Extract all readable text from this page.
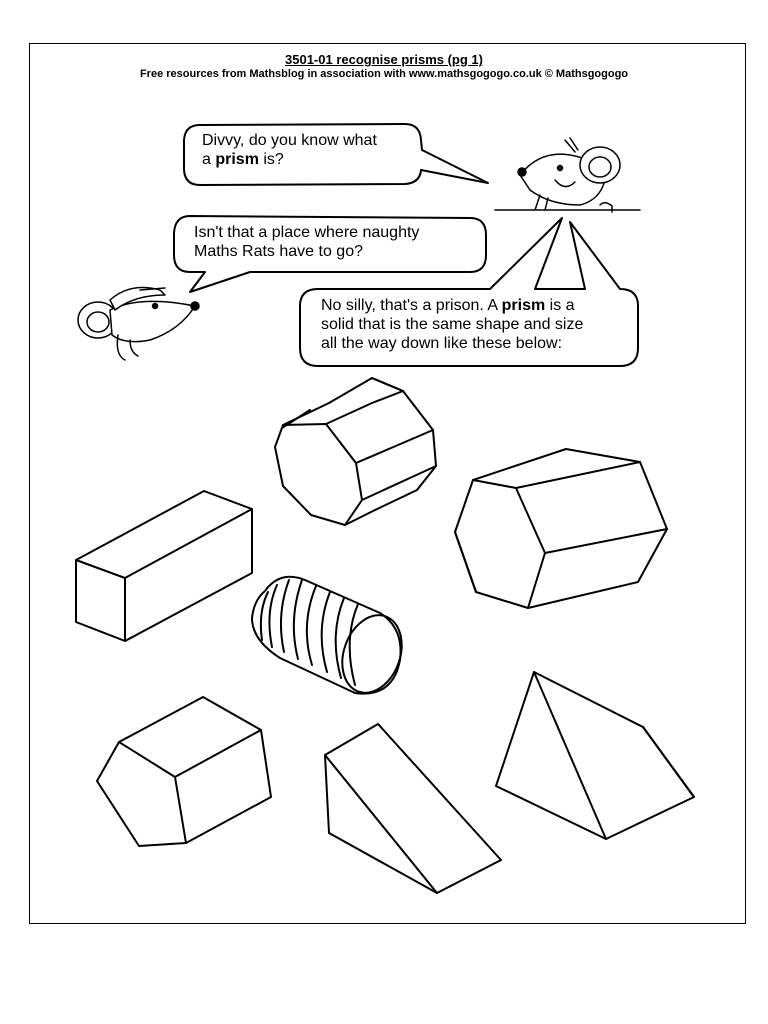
3501-01 recognise prisms (pg 1)
Free resources from Mathsblog in association with www.mathsgogogo.co.uk © Mathsgogogo
Divvy, do you know what
a prism is?
Isn't that a place where naughty
Maths Rats have to go?
No silly, that's a prison. A prism is a
solid that is the same shape and size
all the way down like these below:
